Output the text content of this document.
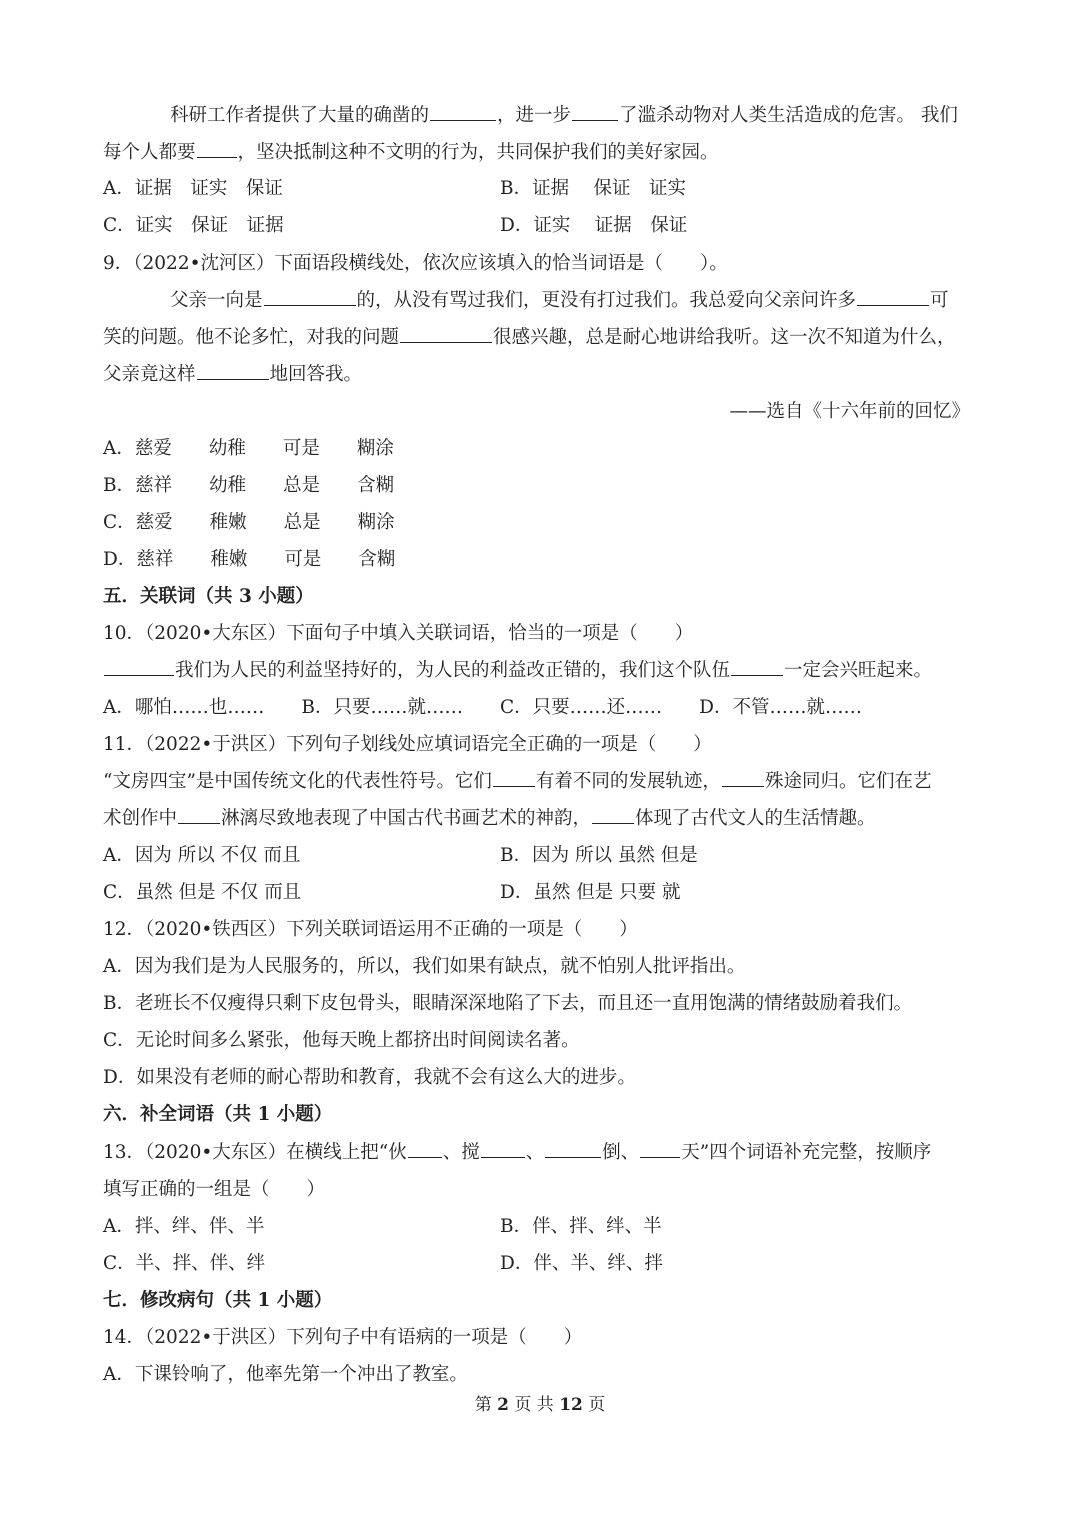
科研工作者提供了大量的确凿的	，进一步	了滥杀动物对人类生活造成的危害。 我们
每个人都要 ，坚决抵制这种不文明的行为，共同保护我们的美好家园。
A．证据　证实　保证	B．证据　 保证　证实
C．证实　保证　证据	D．证实　 证据　保证
9．（2022•沈河区）下面语段横线处，依次应该填入的恰当词语是（　　）。
父亲一向是	的，从没有骂过我们，更没有打过我们。我总爱向父亲问许多	可
笑的问题。他不论多忙，对我的问题	很感兴趣，总是耐心地讲给我听。这一次不知道为什么，
父亲竟这样	地回答我。
——选自《十六年前的回忆》
A．慈爱　　幼稚　　可是　　糊涂
B．慈祥　　幼稚　　总是　　含糊
C．慈爱　　稚嫩　　总是　　糊涂
D．慈祥　　稚嫩　　可是　　含糊
五．关联词（共 3 小题）
10．（2020•大东区）下面句子中填入关联词语，恰当的一项是（　　）
我们为人民的利益坚持好的，为人民的利益改正错的，我们这个队伍	一定会兴旺起来。
A．哪怕……也……　　B．只要……就……　　C．只要……还……　　D．不管……就……
11．（2022•于洪区）下列句子划线处应填词语完全正确的一项是（　　）
“文房四宝”是中国传统文化的代表性符号。它们 有着不同的发展轨迹， 殊途同归。它们在艺
术创作中 淋漓尽致地表现了中国古代书画艺术的神韵， 体现了古代文人的生活情趣。
A．因为 所以 不仅 而且	B．因为 所以 虽然 但是
C．虽然 但是 不仅 而且	D．虽然 但是 只要 就
12．（2020•铁西区）下列关联词语运用不正确的一项是（　　）
A．因为我们是为人民服务的，所以，我们如果有缺点，就不怕别人批评指出。
B．老班长不仅瘦得只剩下皮包骨头，眼睛深深地陷了下去，而且还一直用饱满的情绪鼓励着我们。
C．无论时间多么紧张，他每天晚上都挤出时间阅读名著。
D．如果没有老师的耐心帮助和教育，我就不会有这么大的进步。
六．补全词语（共 1 小题）
13．（2020•大东区）在横线上把“伙 、搅 、	倒、 天”四个词语补充完整，按顺序
填写正确的一组是（　　）
A．拌、绊、伴、半	B．伴、拌、绊、半
C．半、拌、伴、绊	D．伴、半、绊、拌
七．修改病句（共 1 小题）
14．（2022•于洪区）下列句子中有语病的一项是（　　）
A．下课铃响了，他率先第一个冲出了教室。
第 2 页 共 12 页
